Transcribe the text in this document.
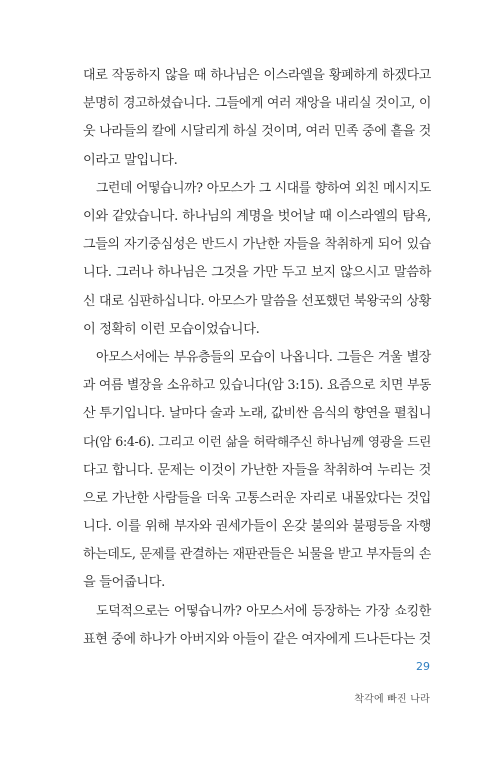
대로 작동하지 않을 때 하나님은 이스라엘을 황폐하게 하겠다고
분명히 경고하셨습니다. 그들에게 여러 재앙을 내리실 것이고, 이
웃 나라들의 칼에 시달리게 하실 것이며, 여러 민족 중에 흩을 것
이라고 말입니다.
그런데 어떻습니까? 아모스가 그 시대를 향하여 외친 메시지도
이와 같았습니다. 하나님의 계명을 벗어날 때 이스라엘의 탐욕,
그들의 자기중심성은 반드시 가난한 자들을 착취하게 되어 있습
니다. 그러나 하나님은 그것을 가만 두고 보지 않으시고 말씀하
신 대로 심판하십니다. 아모스가 말씀을 선포했던 북왕국의 상황
이 정확히 이런 모습이었습니다.
아모스서에는 부유층들의 모습이 나옵니다. 그들은 겨울 별장
과 여름 별장을 소유하고 있습니다(암 3:15). 요즘으로 치면 부동
산 투기입니다. 날마다 술과 노래, 값비싼 음식의 향연을 펼칩니
다(암 6:4-6). 그리고 이런 삶을 허락해주신 하나님께 영광을 드린
다고 합니다. 문제는 이것이 가난한 자들을 착취하여 누리는 것
으로 가난한 사람들을 더욱 고통스러운 자리로 내몰았다는 것입
니다. 이를 위해 부자와 권세가들이 온갖 불의와 불평등을 자행
하는데도, 문제를 관결하는 재판관들은 뇌물을 받고 부자들의 손
을 들어줍니다.
도덕적으로는 어떻습니까? 아모스서에 등장하는 가장 쇼킹한
표현 중에 하나가 아버지와 아들이 같은 여자에게 드나든다는 것
29
착각에 빠진 나라
